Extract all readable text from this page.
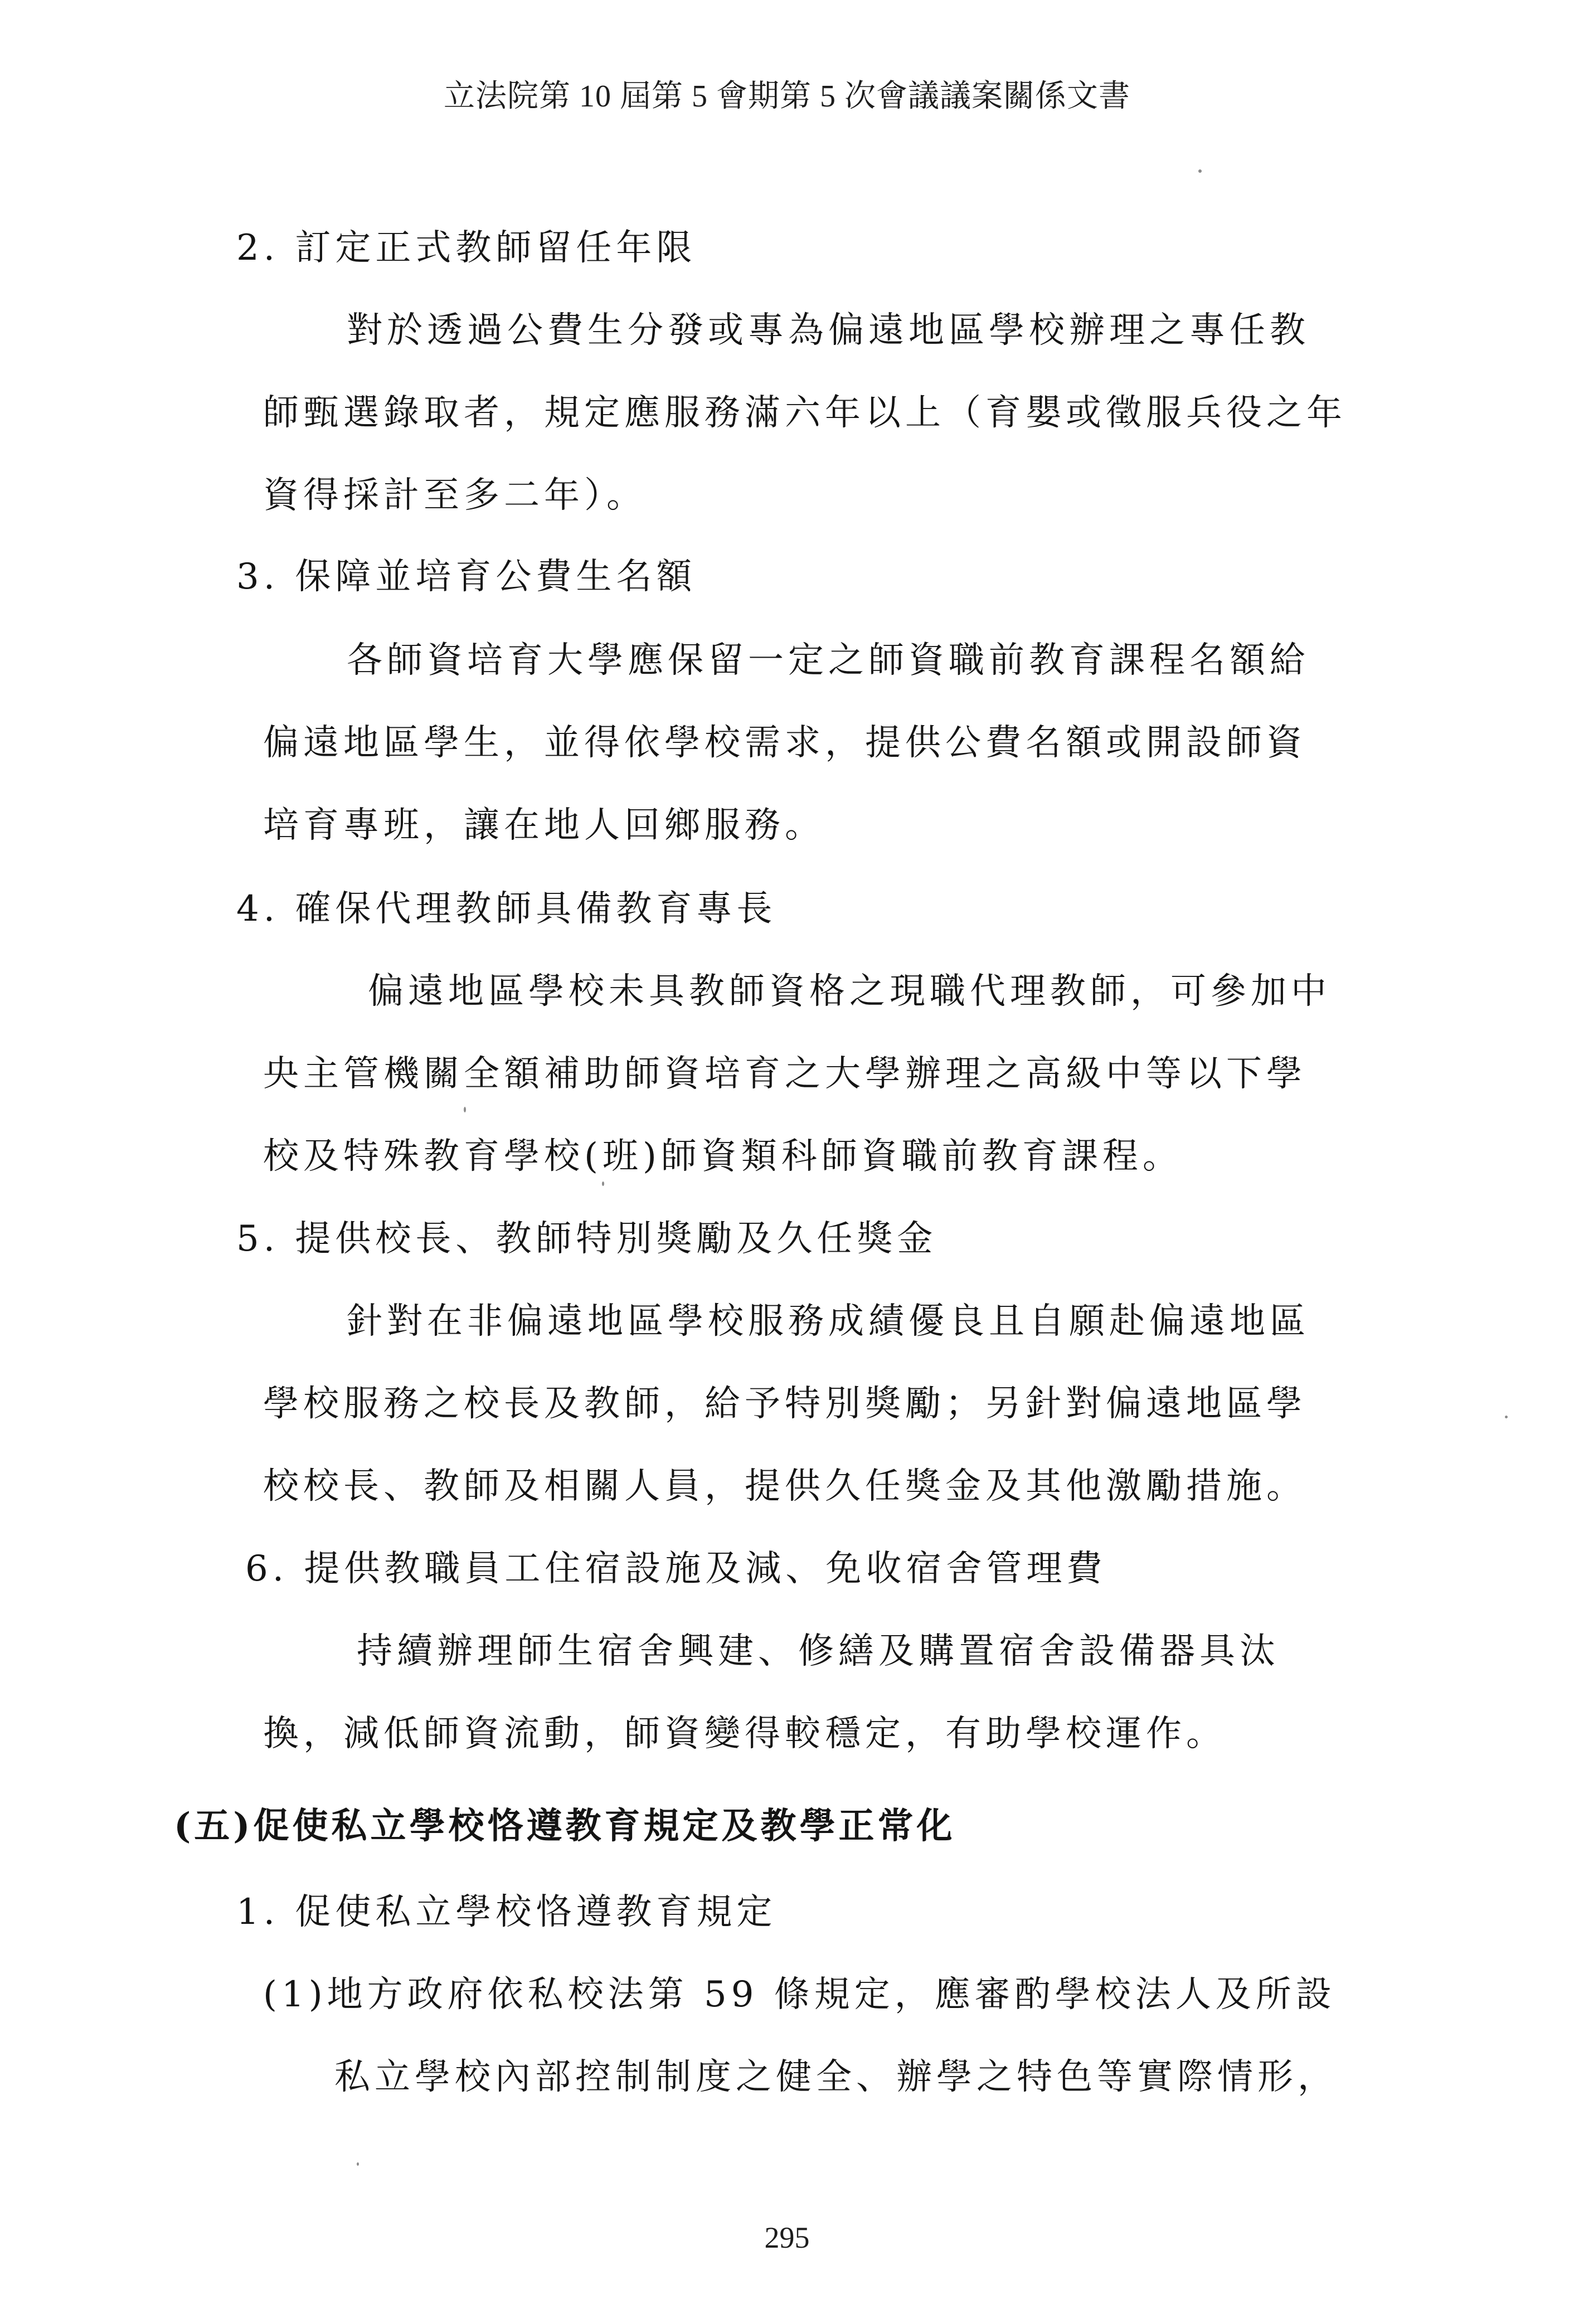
立法院第 10 屆第 5 會期第 5 次會議議案關係文書
2. 訂定正式教師留任年限
對於透過公費生分發或專為偏遠地區學校辦理之專任教
師甄選錄取者，規定應服務滿六年以上（育嬰或徵服兵役之年
資得採計至多二年）。
3. 保障並培育公費生名額
各師資培育大學應保留一定之師資職前教育課程名額給
偏遠地區學生，並得依學校需求，提供公費名額或開設師資
培育專班，讓在地人回鄉服務。
4. 確保代理教師具備教育專長
偏遠地區學校未具教師資格之現職代理教師，可參加中
央主管機關全額補助師資培育之大學辦理之高級中等以下學
校及特殊教育學校(班)師資類科師資職前教育課程。
5. 提供校長、教師特別獎勵及久任獎金
針對在非偏遠地區學校服務成績優良且自願赴偏遠地區
學校服務之校長及教師，給予特別獎勵；另針對偏遠地區學
校校長、教師及相關人員，提供久任獎金及其他激勵措施。
6. 提供教職員工住宿設施及減、免收宿舍管理費
持續辦理師生宿舍興建、修繕及購置宿舍設備器具汰
換，減低師資流動，師資變得較穩定，有助學校運作。
(五)促使私立學校恪遵教育規定及教學正常化
1. 促使私立學校恪遵教育規定
(1)地方政府依私校法第 59 條規定，應審酌學校法人及所設
私立學校內部控制制度之健全、辦學之特色等實際情形，
295
